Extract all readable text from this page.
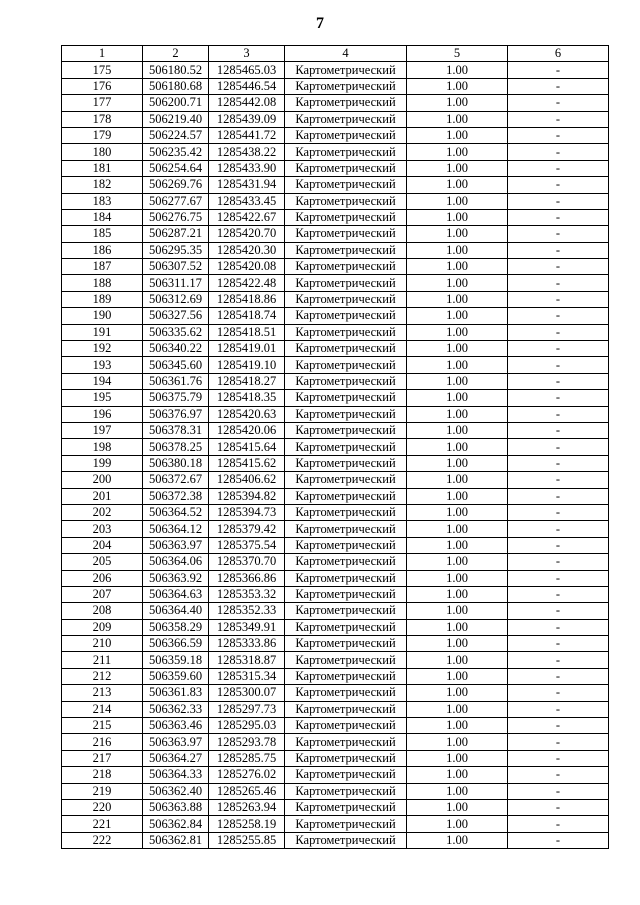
7
1	2	3	4	5	6
175	506180.52	1285465.03	Картометрический	1.00	-
176	506180.68	1285446.54	Картометрический	1.00	-
177	506200.71	1285442.08	Картометрический	1.00	-
178	506219.40	1285439.09	Картометрический	1.00	-
179	506224.57	1285441.72	Картометрический	1.00	-
180	506235.42	1285438.22	Картометрический	1.00	-
181	506254.64	1285433.90	Картометрический	1.00	-
182	506269.76	1285431.94	Картометрический	1.00	-
183	506277.67	1285433.45	Картометрический	1.00	-
184	506276.75	1285422.67	Картометрический	1.00	-
185	506287.21	1285420.70	Картометрический	1.00	-
186	506295.35	1285420.30	Картометрический	1.00	-
187	506307.52	1285420.08	Картометрический	1.00	-
188	506311.17	1285422.48	Картометрический	1.00	-
189	506312.69	1285418.86	Картометрический	1.00	-
190	506327.56	1285418.74	Картометрический	1.00	-
191	506335.62	1285418.51	Картометрический	1.00	-
192	506340.22	1285419.01	Картометрический	1.00	-
193	506345.60	1285419.10	Картометрический	1.00	-
194	506361.76	1285418.27	Картометрический	1.00	-
195	506375.79	1285418.35	Картометрический	1.00	-
196	506376.97	1285420.63	Картометрический	1.00	-
197	506378.31	1285420.06	Картометрический	1.00	-
198	506378.25	1285415.64	Картометрический	1.00	-
199	506380.18	1285415.62	Картометрический	1.00	-
200	506372.67	1285406.62	Картометрический	1.00	-
201	506372.38	1285394.82	Картометрический	1.00	-
202	506364.52	1285394.73	Картометрический	1.00	-
203	506364.12	1285379.42	Картометрический	1.00	-
204	506363.97	1285375.54	Картометрический	1.00	-
205	506364.06	1285370.70	Картометрический	1.00	-
206	506363.92	1285366.86	Картометрический	1.00	-
207	506364.63	1285353.32	Картометрический	1.00	-
208	506364.40	1285352.33	Картометрический	1.00	-
209	506358.29	1285349.91	Картометрический	1.00	-
210	506366.59	1285333.86	Картометрический	1.00	-
211	506359.18	1285318.87	Картометрический	1.00	-
212	506359.60	1285315.34	Картометрический	1.00	-
213	506361.83	1285300.07	Картометрический	1.00	-
214	506362.33	1285297.73	Картометрический	1.00	-
215	506363.46	1285295.03	Картометрический	1.00	-
216	506363.97	1285293.78	Картометрический	1.00	-
217	506364.27	1285285.75	Картометрический	1.00	-
218	506364.33	1285276.02	Картометрический	1.00	-
219	506362.40	1285265.46	Картометрический	1.00	-
220	506363.88	1285263.94	Картометрический	1.00	-
221	506362.84	1285258.19	Картометрический	1.00	-
222	506362.81	1285255.85	Картометрический	1.00	-
